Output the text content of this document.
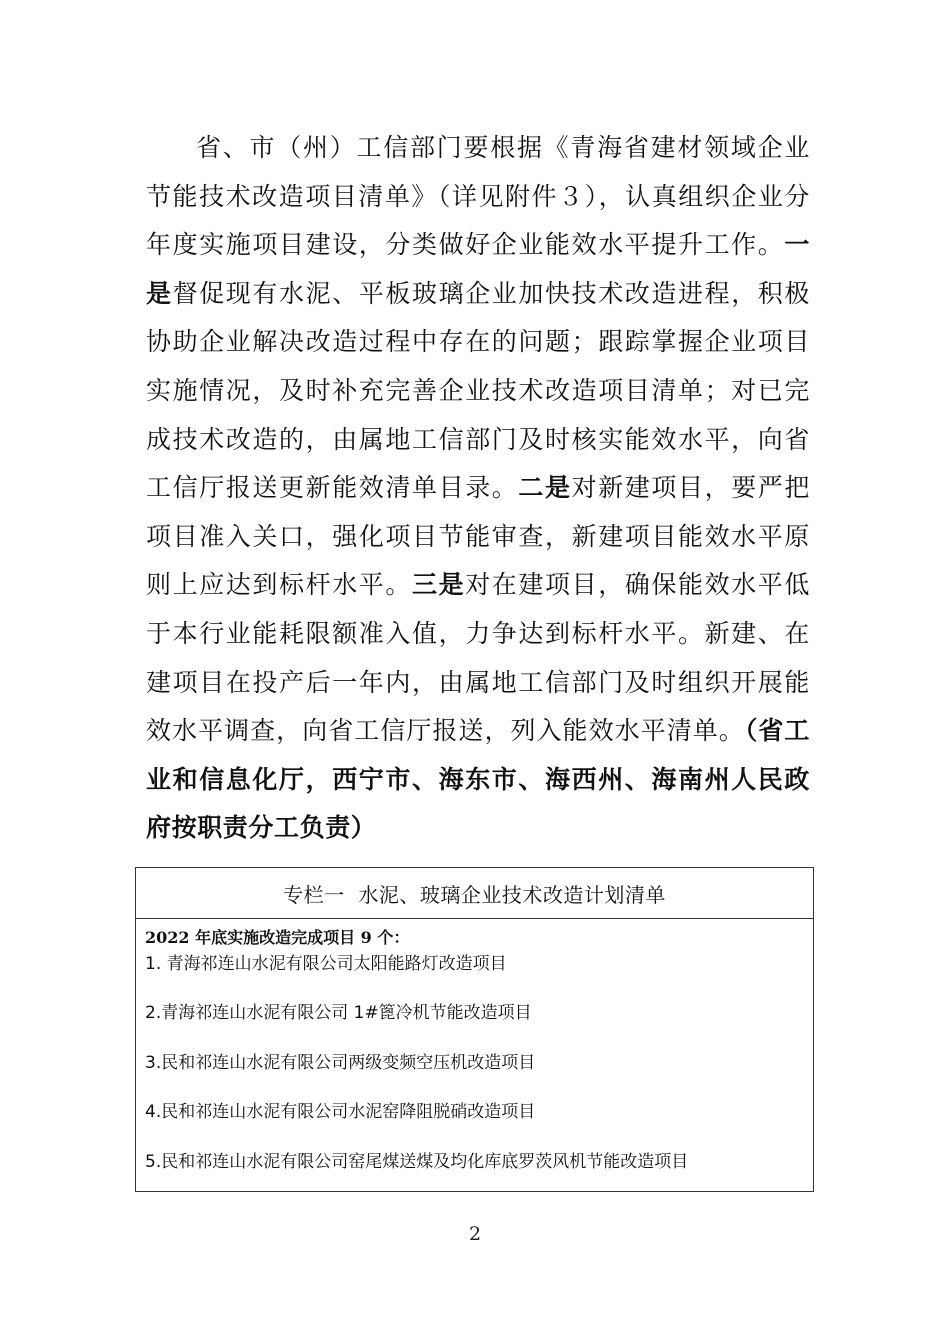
省、市（州）工信部门要根据《青海省建材领域企业节能技术改造项目清单》（详见附件３），认真组织企业分年度实施项目建设，分类做好企业能效水平提升工作。一是督促现有水泥、平板玻璃企业加快技术改造进程，积极协助企业解决改造过程中存在的问题；跟踪掌握企业项目实施情况，及时补充完善企业技术改造项目清单；对已完成技术改造的，由属地工信部门及时核实能效水平，向省工信厅报送更新能效清单目录。二是对新建项目，要严把项目准入关口，强化项目节能审查，新建项目能效水平原则上应达到标杆水平。三是对在建项目，确保能效水平低于本行业能耗限额准入值，力争达到标杆水平。新建、在建项目在投产后一年内，由属地工信部门及时组织开展能效水平调查，向省工信厅报送，列入能效水平清单。（省工业和信息化厅，西宁市、海东市、海西州、海南州人民政府按职责分工负责）

专栏一  水泥、玻璃企业技术改造计划清单
2022 年底实施改造完成项目 9 个：
1. 青海祁连山水泥有限公司太阳能路灯改造项目
2.青海祁连山水泥有限公司 1#篦冷机节能改造项目
3.民和祁连山水泥有限公司两级变频空压机改造项目
4.民和祁连山水泥有限公司水泥窑降阻脱硝改造项目
5.民和祁连山水泥有限公司窑尾煤送煤及均化库底罗茨风机节能改造项目
2
